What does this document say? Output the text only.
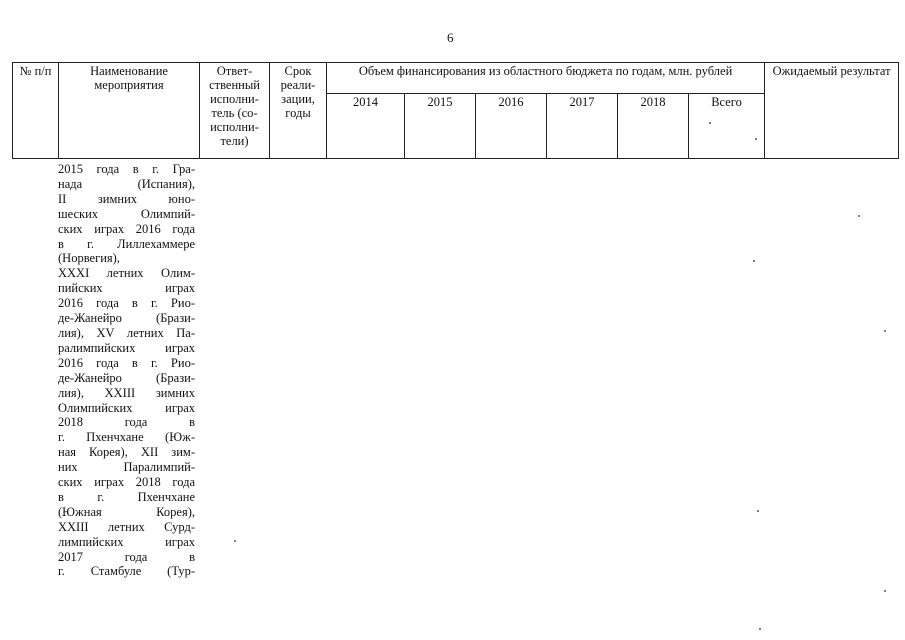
6
№ п/п	Наименование мероприятия	Ответ-ственный исполни-тель (со-исполни-тели)	Срок реали-зации, годы	Объем финансирования из областного бюджета по годам, млн. рублей						Ожидаемый результат
				2014	2015	2016	2017	2018	Всего	
2015 года в г. Гра-
нада (Испания),
II зимних юно-
шеских Олимпий-
ских играх 2016 года
в г. Лиллехаммере
(Норвегия),
XXXI летних Олим-
пийских играх
2016 года в г. Рио-
де-Жанейро (Брази-
лия), XV летних Па-
ралимпийских играх
2016 года в г. Рио-
де-Жанейро (Брази-
лия), XXIII зимних
Олимпийских играх
2018 года в
г. Пхенчхане (Юж-
ная Корея), XII зим-
них Паралимпий-
ских играх 2018 года
в г. Пхенчхане
(Южная Корея),
XXIII летних Сурд-
лимпийских играх
2017 года в
г. Стамбуле (Тур-
